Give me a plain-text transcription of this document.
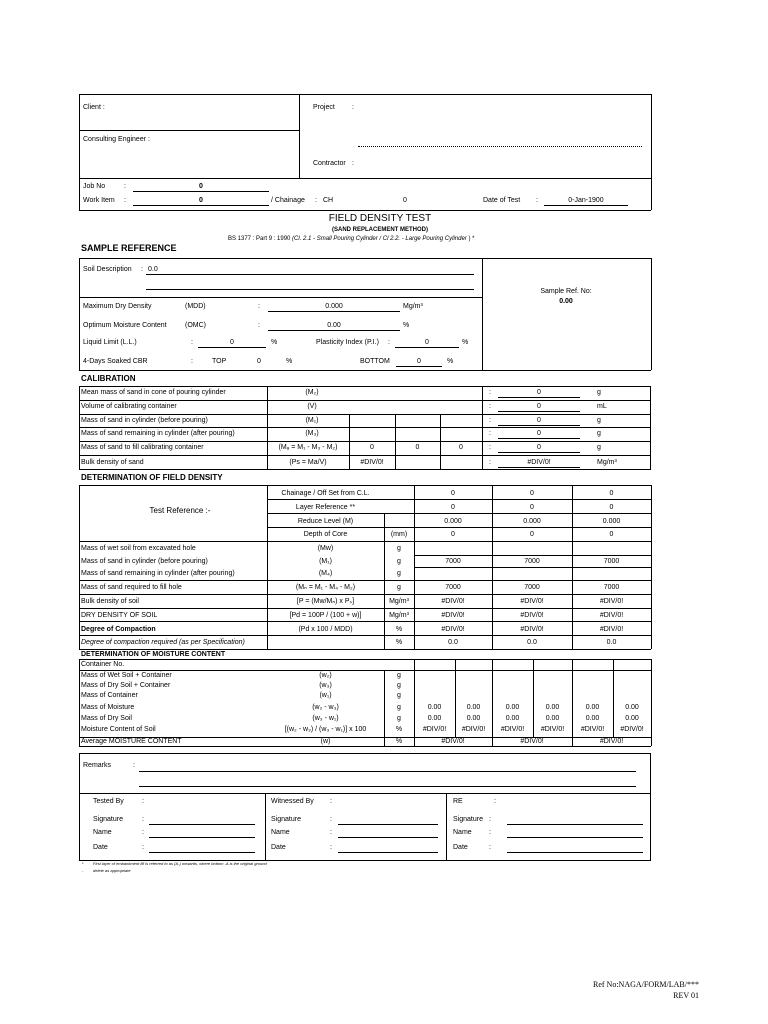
Client :	Project :
Consulting Engineer :
Contractor :
Job No	:	0
Work Item :	0	/ Chainage : CH	0	Date of Test :	0-Jan-1900
FIELD DENSITY TEST
(SAND REPLACEMENT METHOD)
BS 1377 : Part 9 : 1990 (Cl. 2.1 - Small Pouring Cylinder / Cl 2.2. - Large Pouring Cylinder ) *
SAMPLE REFERENCE
Soil Description : 0.0
Sample Ref. No:
0.00
Maximum Dry Density	(MDD)	:	0.000	Mg/m³
Optimum Moisture Content	(OMC)	:	0.00	%
Liquid Limit (L.L.)	:	0	%	Plasticity Index (P.I.) :	0	%
4-Days Soaked CBR	:	TOP	0	%	BOTTOM	0	%
CALIBRATION
Mean mass of sand in cone of pouring cylinder	(M₂)	:	0	g
Volume of calibrating container	(V)	:	0	mL
Mass of sand in cylinder (before pouring)	(M₁)	:	0	g
Mass of sand remaining in cylinder (after pouring)	(M₃)	:	0	g
Mass of sand to fill calibrating container	(Mₐ = M₁ - M₃ - M₂)	0	0	0	:	0	g
Bulk density of sand	(Ps = Ma/V)	#DIV/0!	:	#DIV/0!	Mg/m³
DETERMINATION OF FIELD DENSITY
Test Reference :-
Chainage / Off Set from C.L.	0	0	0
Layer Reference **	0	0	0
Reduce Level (M)	0.000	0.000	0.000
Depth of Core	(mm)	0	0	0
Mass of wet soil from excavated hole	(Mw)	g
Mass of sand in cylinder (before pouring)	(M₁)	g	7000	7000	7000
Mass of sand remaining in cylinder (after pouring)	(M₄)	g
Mass of sand required to fill hole	(Mₙ = M₁ - M₄ - M₂)	g	7000	7000	7000
Bulk density of soil	[P = (Mw/Mₙ) x Pₛ]	Mg/m³	#DIV/0!	#DIV/0!	#DIV/0!
DRY DENSITY OF SOIL	[Pd = 100P / (100 + w)]	Mg/m³	#DIV/0!	#DIV/0!	#DIV/0!
Degree of Compaction	(Pd x 100 / MDD)	%	#DIV/0!	#DIV/0!	#DIV/0!
Degree of compaction required (as per Specification)	%	0.0	0.0	0.0
DETERMINATION OF MOISTURE CONTENT
Container No.
Mass of Wet Soil + Container	(w₂)	g
Mass of Dry Soil + Container	(w₃)	g
Mass of Container	(w₁)	g
Mass of Moisture	(w₂ - w₃)	g	0.00	0.00	0.00	0.00	0.00	0.00
Mass of Dry Soil	(w₃ - w₁)	g	0.00	0.00	0.00	0.00	0.00	0.00
Moisture Content of Soil	[(w₂ - w₃) / (w₃ - w₁)] x 100	%	#DIV/0!	#DIV/0!	#DIV/0!	#DIV/0!	#DIV/0!	#DIV/0!
Average MOISTURE CONTENT	(w)	%	#DIV/0!	#DIV/0!	#DIV/0!
Remarks	:
Tested By	:	Witnessed By :	RE	:
Signature	:	Signature	:	Signature :
Name	:	Name	:	Name :
Date	:	Date	:	Date	:
* First layer of embankment fill is referred to as (A-) onwards, where bottom -A is the original ground
- delete as appropriate
Ref No:NAGA/FORM/LAB/***
REV 01
